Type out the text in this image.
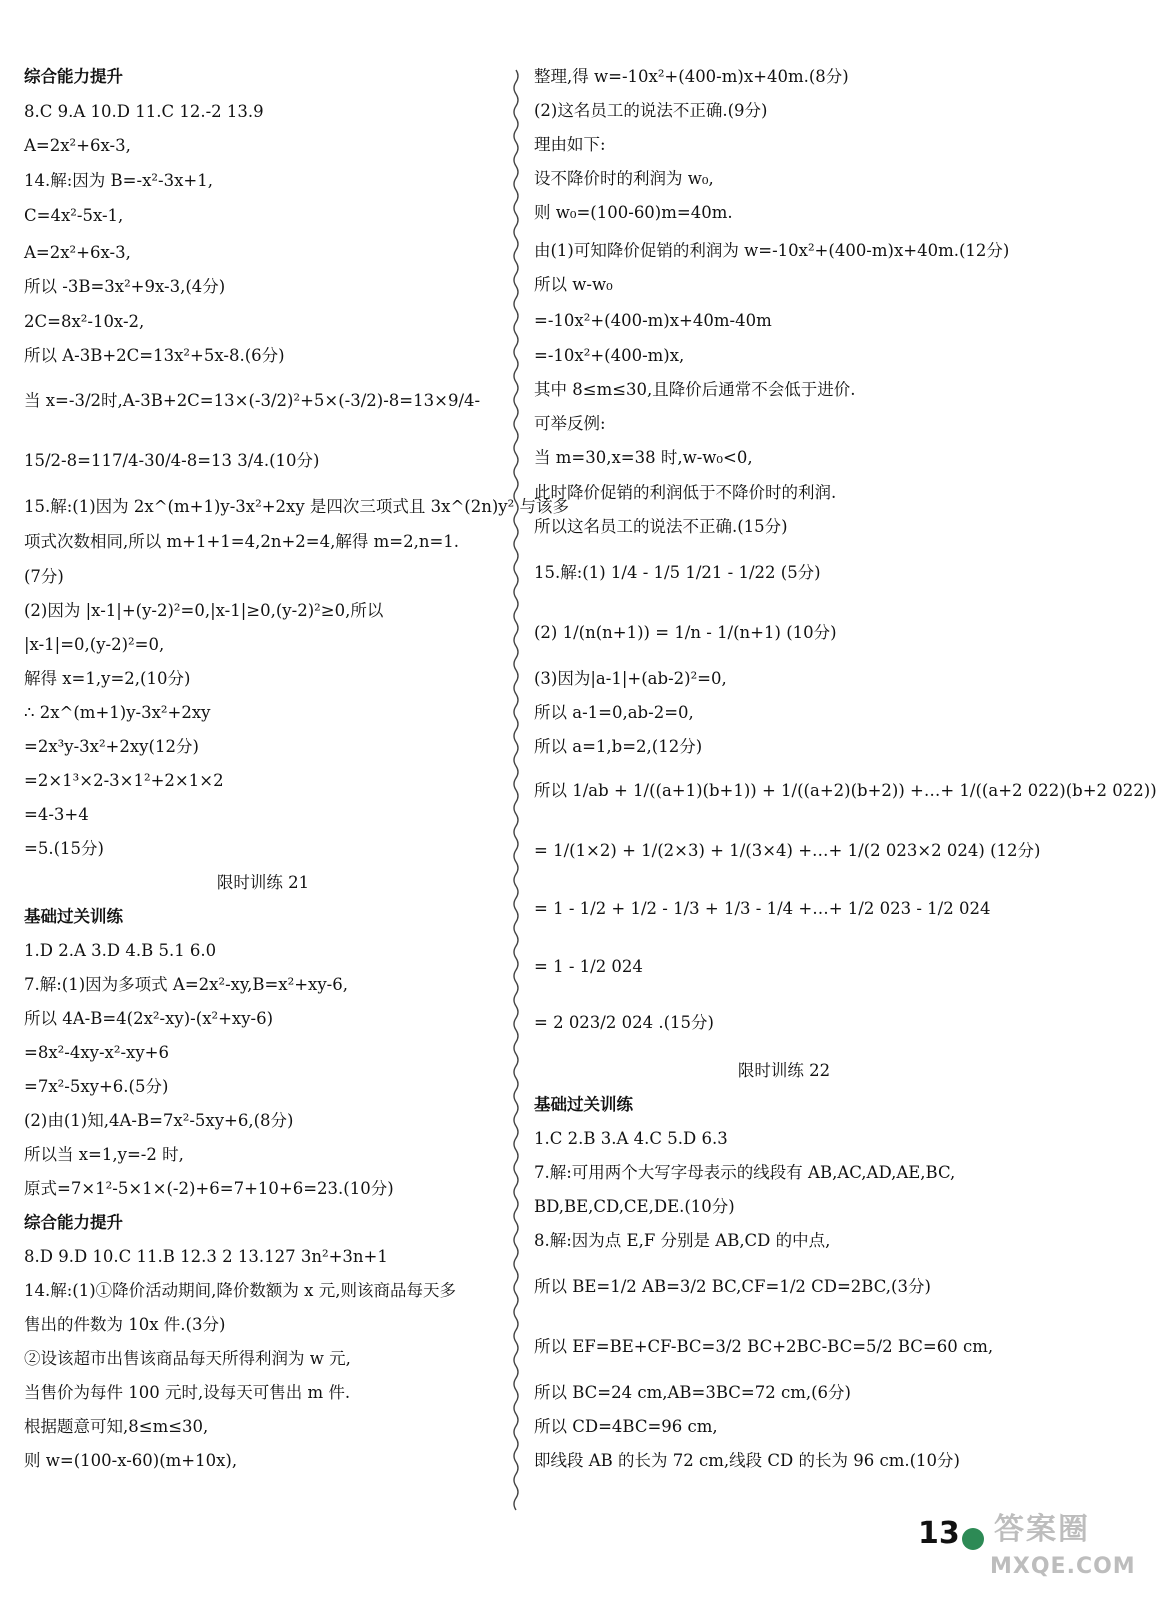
综合能力提升
8.C 9.A 10.D 11.C 12.-2 13.9
A=2x²+6x-3,
14.解:因为 B=-x²-3x+1,
C=4x²-5x-1,
A=2x²+6x-3,
所以 -3B=3x²+9x-3,(4分)
2C=8x²-10x-2,
所以 A-3B+2C=13x²+5x-8.(6分)
当 x=-3/2时,A-3B+2C=13×(-3/2)²+5×(-3/2)-8=13×9/4-
15/2-8=117/4-30/4-8=13 3/4.(10分)
15.解:(1)因为 2x^(m+1)y-3x²+2xy 是四次三项式且 3x^(2n)y² 与该多
项式次数相同,所以 m+1+1=4,2n+2=4,解得 m=2,n=1.
(7分)
(2)因为 |x-1|+(y-2)²=0,|x-1|≥0,(y-2)²≥0,所以
|x-1|=0,(y-2)²=0,
解得 x=1,y=2,(10分)
∴ 2x^(m+1)y-3x²+2xy
=2x³y-3x²+2xy(12分)
=2×1³×2-3×1²+2×1×2
=4-3+4
=5.(15分)
限时训练 21
基础过关训练
1.D 2.A 3.D 4.B 5.1 6.0
7.解:(1)因为多项式 A=2x²-xy,B=x²+xy-6,
所以 4A-B=4(2x²-xy)-(x²+xy-6)
=8x²-4xy-x²-xy+6
=7x²-5xy+6.(5分)
(2)由(1)知,4A-B=7x²-5xy+6,(8分)
所以当 x=1,y=-2 时,
原式=7×1²-5×1×(-2)+6=7+10+6=23.(10分)
综合能力提升
8.D 9.D 10.C 11.B 12.3 2 13.127 3n²+3n+1
14.解:(1)①降价活动期间,降价数额为 x 元,则该商品每天多
售出的件数为 10x 件.(3分)
②设该超市出售该商品每天所得利润为 w 元,
当售价为每件 100 元时,设每天可售出 m 件.
根据题意可知,8≤m≤30,
则 w=(100-x-60)(m+10x),
整理,得 w=-10x²+(400-m)x+40m.(8分)
(2)这名员工的说法不正确.(9分)
理由如下:
设不降价时的利润为 w₀,
则 w₀=(100-60)m=40m.
由(1)可知降价促销的利润为 w=-10x²+(400-m)x+40m.(12分)
所以 w-w₀
=-10x²+(400-m)x+40m-40m
=-10x²+(400-m)x,
其中 8≤m≤30,且降价后通常不会低于进价.
可举反例:
当 m=30,x=38 时,w-w₀<0,
此时降价促销的利润低于不降价时的利润.
所以这名员工的说法不正确.(15分)
15.解:(1) 1/4 - 1/5 1/21 - 1/22 (5分)
(2) 1/(n(n+1)) = 1/n - 1/(n+1) (10分)
(3)因为|a-1|+(ab-2)²=0,
所以 a-1=0,ab-2=0,
所以 a=1,b=2,(12分)
所以 1/ab + 1/((a+1)(b+1)) + 1/((a+2)(b+2)) +…+ 1/((a+2 022)(b+2 022))
= 1/(1×2) + 1/(2×3) + 1/(3×4) +…+ 1/(2 023×2 024) (12分)
= 1 - 1/2 + 1/2 - 1/3 + 1/3 - 1/4 +…+ 1/2 023 - 1/2 024
= 1 - 1/2 024
= 2 023/2 024 .(15分)
限时训练 22
基础过关训练
1.C 2.B 3.A 4.C 5.D 6.3
7.解:可用两个大写字母表示的线段有 AB,AC,AD,AE,BC,
BD,BE,CD,CE,DE.(10分)
8.解:因为点 E,F 分别是 AB,CD 的中点,
所以 BE=1/2 AB=3/2 BC,CF=1/2 CD=2BC,(3分)
所以 EF=BE+CF-BC=3/2 BC+2BC-BC=5/2 BC=60 cm,
所以 BC=24 cm,AB=3BC=72 cm,(6分)
所以 CD=4BC=96 cm,
即线段 AB 的长为 72 cm,线段 CD 的长为 96 cm.(10分)
13 答案圈
MXQE.COM
